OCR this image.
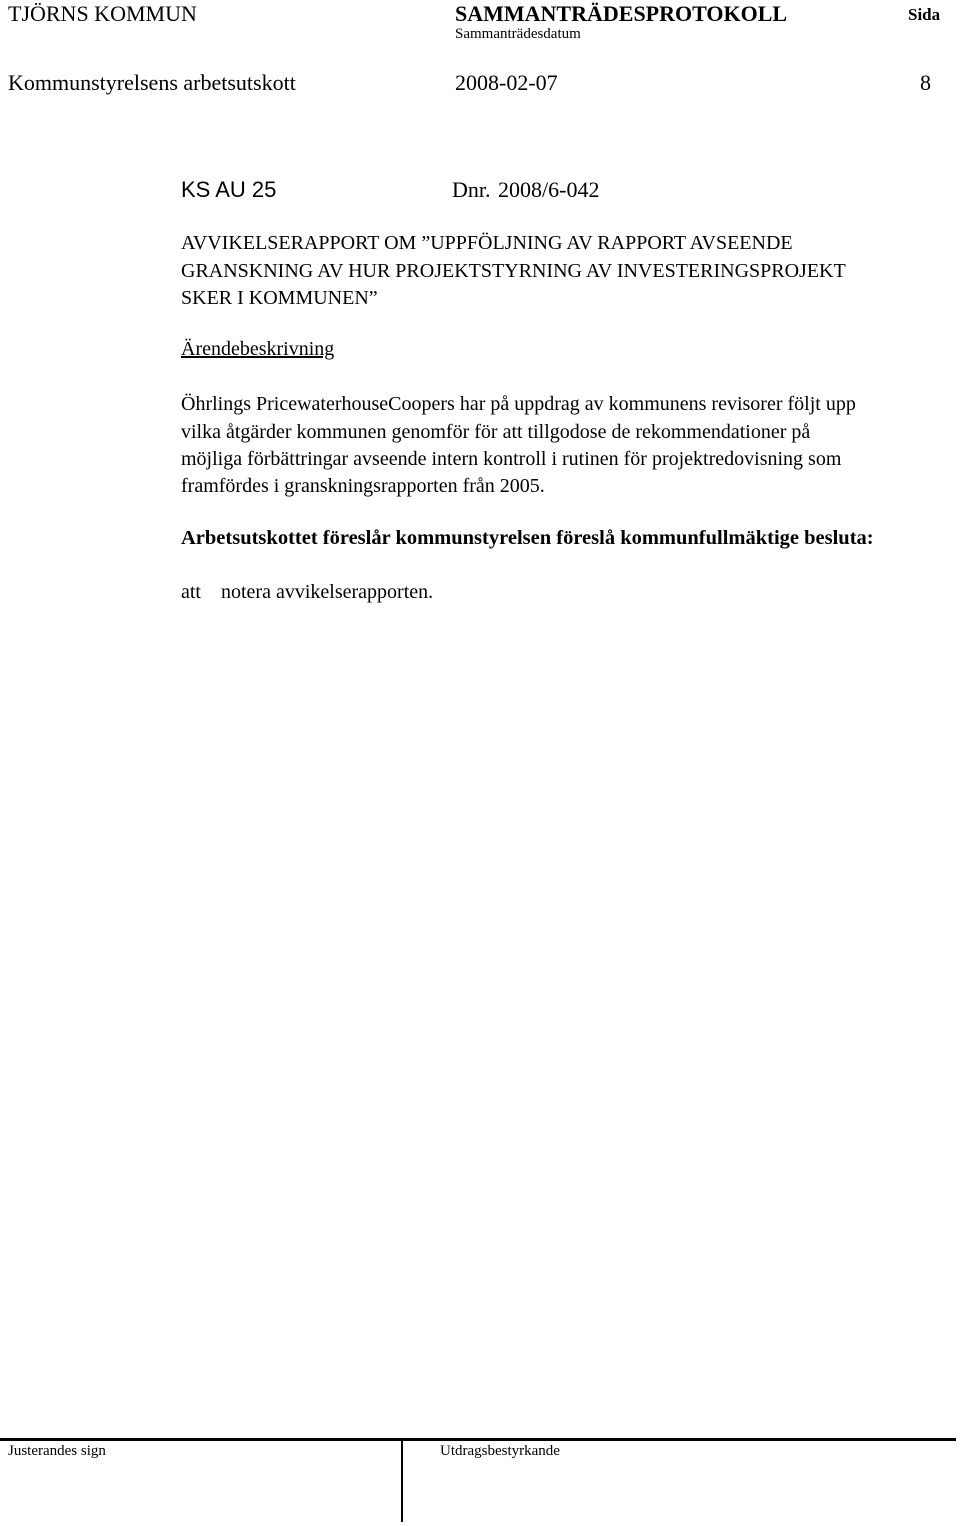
TJÖRNS KOMMUN	SAMMANTRÄDESPROTOKOLL	Sida
Sammanträdesdatum
Kommunstyrelsens arbetsutskott	2008-02-07	8
KS AU 25	Dnr. 2008/6-042
AVVIKELSERAPPORT OM ”UPPFÖLJNING AV RAPPORT AVSEENDE
GRANSKNING AV HUR PROJEKTSTYRNING AV INVESTERINGSPROJEKT
SKER I KOMMUNEN”
Ärendebeskrivning
Öhrlings PricewaterhouseCoopers har på uppdrag av kommunens revisorer följt upp
vilka åtgärder kommunen genomför för att tillgodose de rekommendationer på
möjliga förbättringar avseende intern kontroll i rutinen för projektredovisning som
framfördes i granskningsrapporten från 2005.
Arbetsutskottet föreslår kommunstyrelsen föreslå kommunfullmäktige besluta:
att notera avvikelserapporten.
Justerandes sign	Utdragsbestyrkande
